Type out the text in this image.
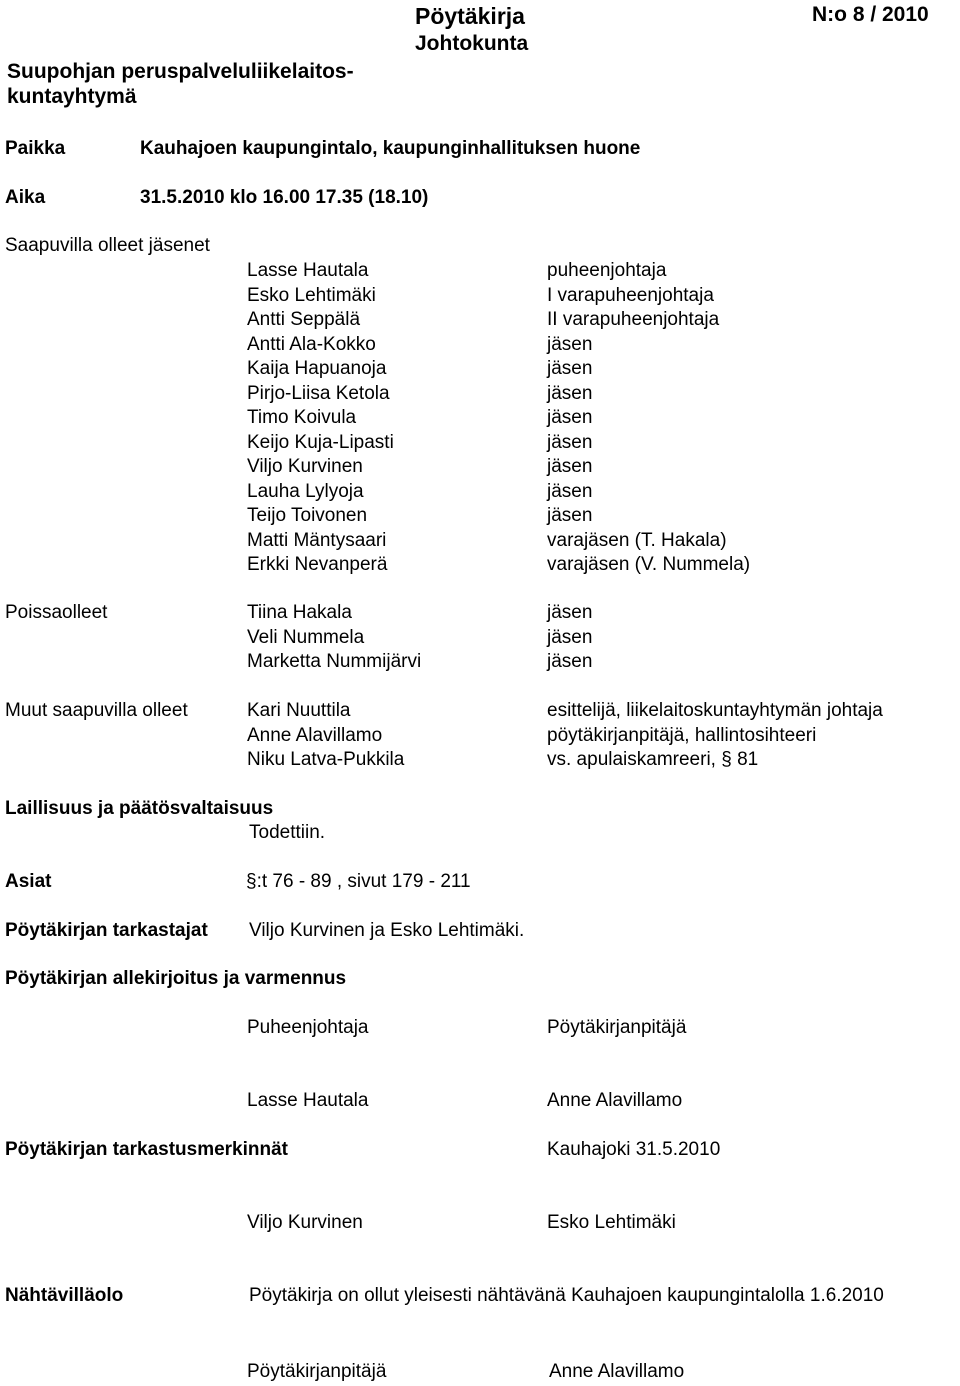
Pöytäkirja
Johtokunta
N:o 8 / 2010
Suupohjan peruspalveluliikelaitos-
kuntayhtymä
Paikka	Kauhajoen kaupungintalo, kaupunginhallituksen huone
Aika	31.5.2010 klo 16.00 17.35 (18.10)
Saapuvilla olleet jäsenet
Lasse Hautala	puheenjohtaja
Esko Lehtimäki	I varapuheenjohtaja
Antti Seppälä	II varapuheenjohtaja
Antti Ala-Kokko	jäsen
Kaija Hapuanoja	jäsen
Pirjo-Liisa Ketola	jäsen
Timo Koivula	jäsen
Keijo Kuja-Lipasti	jäsen
Viljo Kurvinen	jäsen
Lauha Lylyoja	jäsen
Teijo Toivonen	jäsen
Matti Mäntysaari	varajäsen (T. Hakala)
Erkki Nevanperä	varajäsen (V. Nummela)
Poissaolleet	Tiina Hakala	jäsen
Veli Nummela	jäsen
Marketta Nummijärvi	jäsen
Muut saapuvilla olleet	Kari Nuuttila	esittelijä, liikelaitoskuntayhtymän johtaja
Anne Alavillamo	pöytäkirjanpitäjä, hallintosihteeri
Niku Latva-Pukkila	vs. apulaiskamreeri, § 81
Laillisuus ja päätösvaltaisuus
Todettiin.
Asiat	§:t 76 - 89 , sivut 179 - 211
Pöytäkirjan tarkastajat Viljo Kurvinen ja Esko Lehtimäki.
Pöytäkirjan allekirjoitus ja varmennus
Puheenjohtaja	Pöytäkirjanpitäjä
Lasse Hautala	Anne Alavillamo
Pöytäkirjan tarkastusmerkinnät	Kauhajoki 31.5.2010
Viljo Kurvinen	Esko Lehtimäki
Nähtävilläolo	Pöytäkirja on ollut yleisesti nähtävänä Kauhajoen kaupungintalolla 1.6.2010
Pöytäkirjanpitäjä	Anne Alavillamo
